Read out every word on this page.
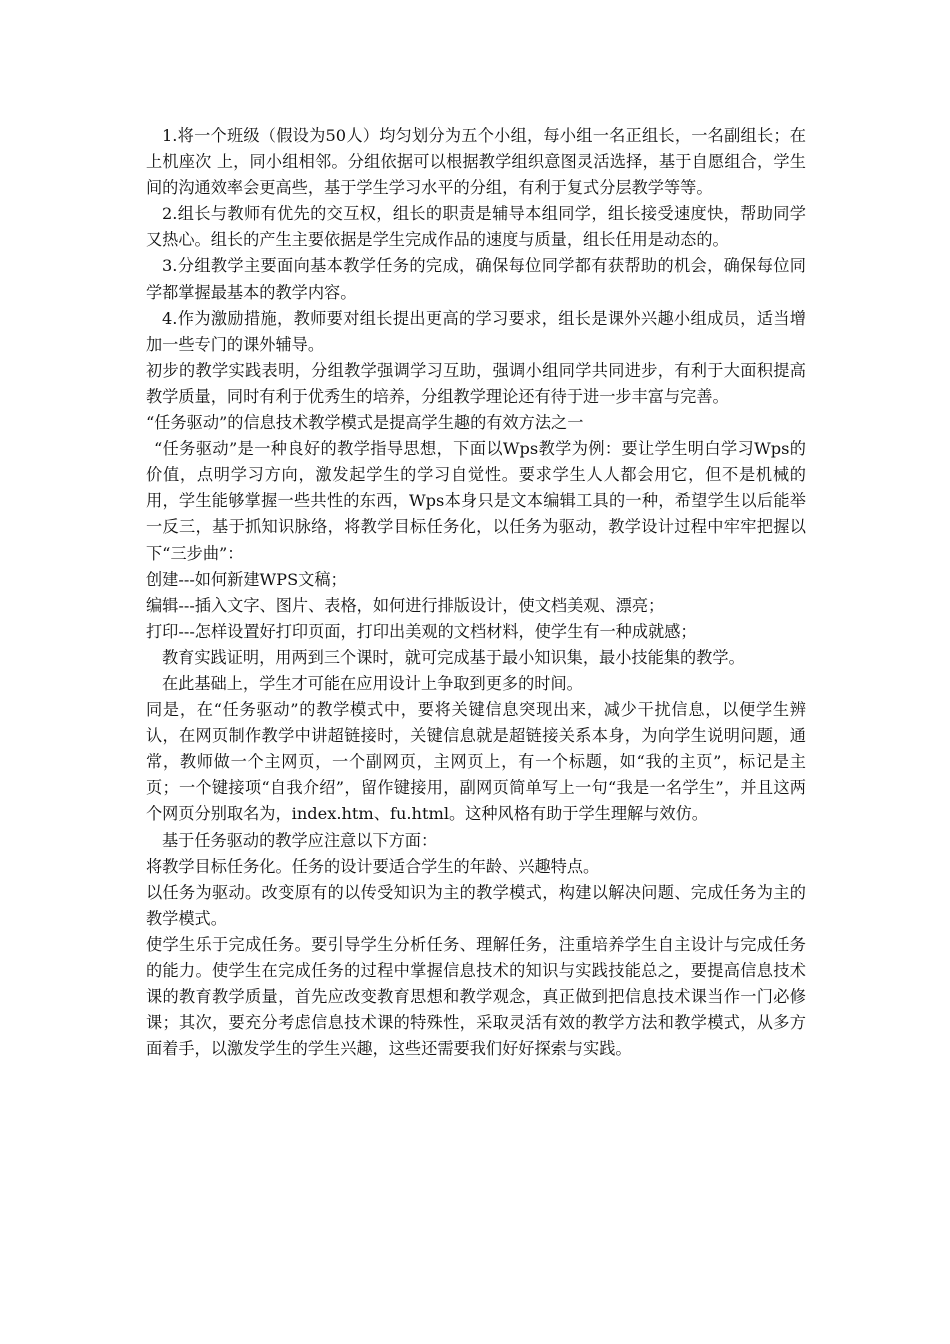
1.将一个班级（假设为50人）均匀划分为五个小组，每小组一名正组长，一名副组长；在上机座次 上，同小组相邻。分组依据可以根据教学组织意图灵活选择，基于自愿组合，学生间的沟通效率会更高些，基于学生学习水平的分组，有利于复式分层教学等等。

2.组长与教师有优先的交互权，组长的职责是辅导本组同学，组长接受速度快，帮助同学又热心。组长的产生主要依据是学生完成作品的速度与质量，组长任用是动态的。

3.分组教学主要面向基本教学任务的完成，确保每位同学都有获帮助的机会，确保每位同学都掌握最基本的教学内容。

4.作为激励措施，教师要对组长提出更高的学习要求，组长是课外兴趣小组成员，适当增加一些专门的课外辅导。

初步的教学实践表明，分组教学强调学习互助，强调小组同学共同进步，有利于大面积提高教学质量，同时有利于优秀生的培养，分组教学理论还有待于进一步丰富与完善。

“任务驱动”的信息技术教学模式是提高学生趣的有效方法之一

“任务驱动”是一种良好的教学指导思想，下面以Wps教学为例：要让学生明白学习Wps的价值，点明学习方向，激发起学生的学习自觉性。要求学生人人都会用它，但不是机械的用，学生能够掌握一些共性的东西，Wps本身只是文本编辑工具的一种，希望学生以后能举一反三，基于抓知识脉络，将教学目标任务化，以任务为驱动，教学设计过程中牢牢把握以下“三步曲”：

创建---如何新建WPS文稿；

编辑---插入文字、图片、表格，如何进行排版设计，使文档美观、漂亮；

打印---怎样设置好打印页面，打印出美观的文档材料，使学生有一种成就感；

教育实践证明，用两到三个课时，就可完成基于最小知识集，最小技能集的教学。

在此基础上，学生才可能在应用设计上争取到更多的时间。

同是，在“任务驱动”的教学模式中，要将关键信息突现出来，减少干扰信息，以便学生辨认，在网页制作教学中讲超链接时，关键信息就是超链接关系本身，为向学生说明问题，通常，教师做一个主网页，一个副网页，主网页上，有一个标题，如“我的主页”，标记是主页；一个键接项“自我介绍”，留作键接用，副网页简单写上一句“我是一名学生”，并且这两个网页分别取名为，index.htm、fu.html。这种风格有助于学生理解与效仿。

基于任务驱动的教学应注意以下方面：

将教学目标任务化。任务的设计要适合学生的年龄、兴趣特点。

以任务为驱动。改变原有的以传受知识为主的教学模式，构建以解决问题、完成任务为主的教学模式。

使学生乐于完成任务。要引导学生分析任务、理解任务，注重培养学生自主设计与完成任务的能力。使学生在完成任务的过程中掌握信息技术的知识与实践技能总之，要提高信息技术课的教育教学质量，首先应改变教育思想和教学观念，真正做到把信息技术课当作一门必修课；其次，要充分考虑信息技术课的特殊性，采取灵活有效的教学方法和教学模式，从多方面着手，以激发学生的学生兴趣，这些还需要我们好好探索与实践。
